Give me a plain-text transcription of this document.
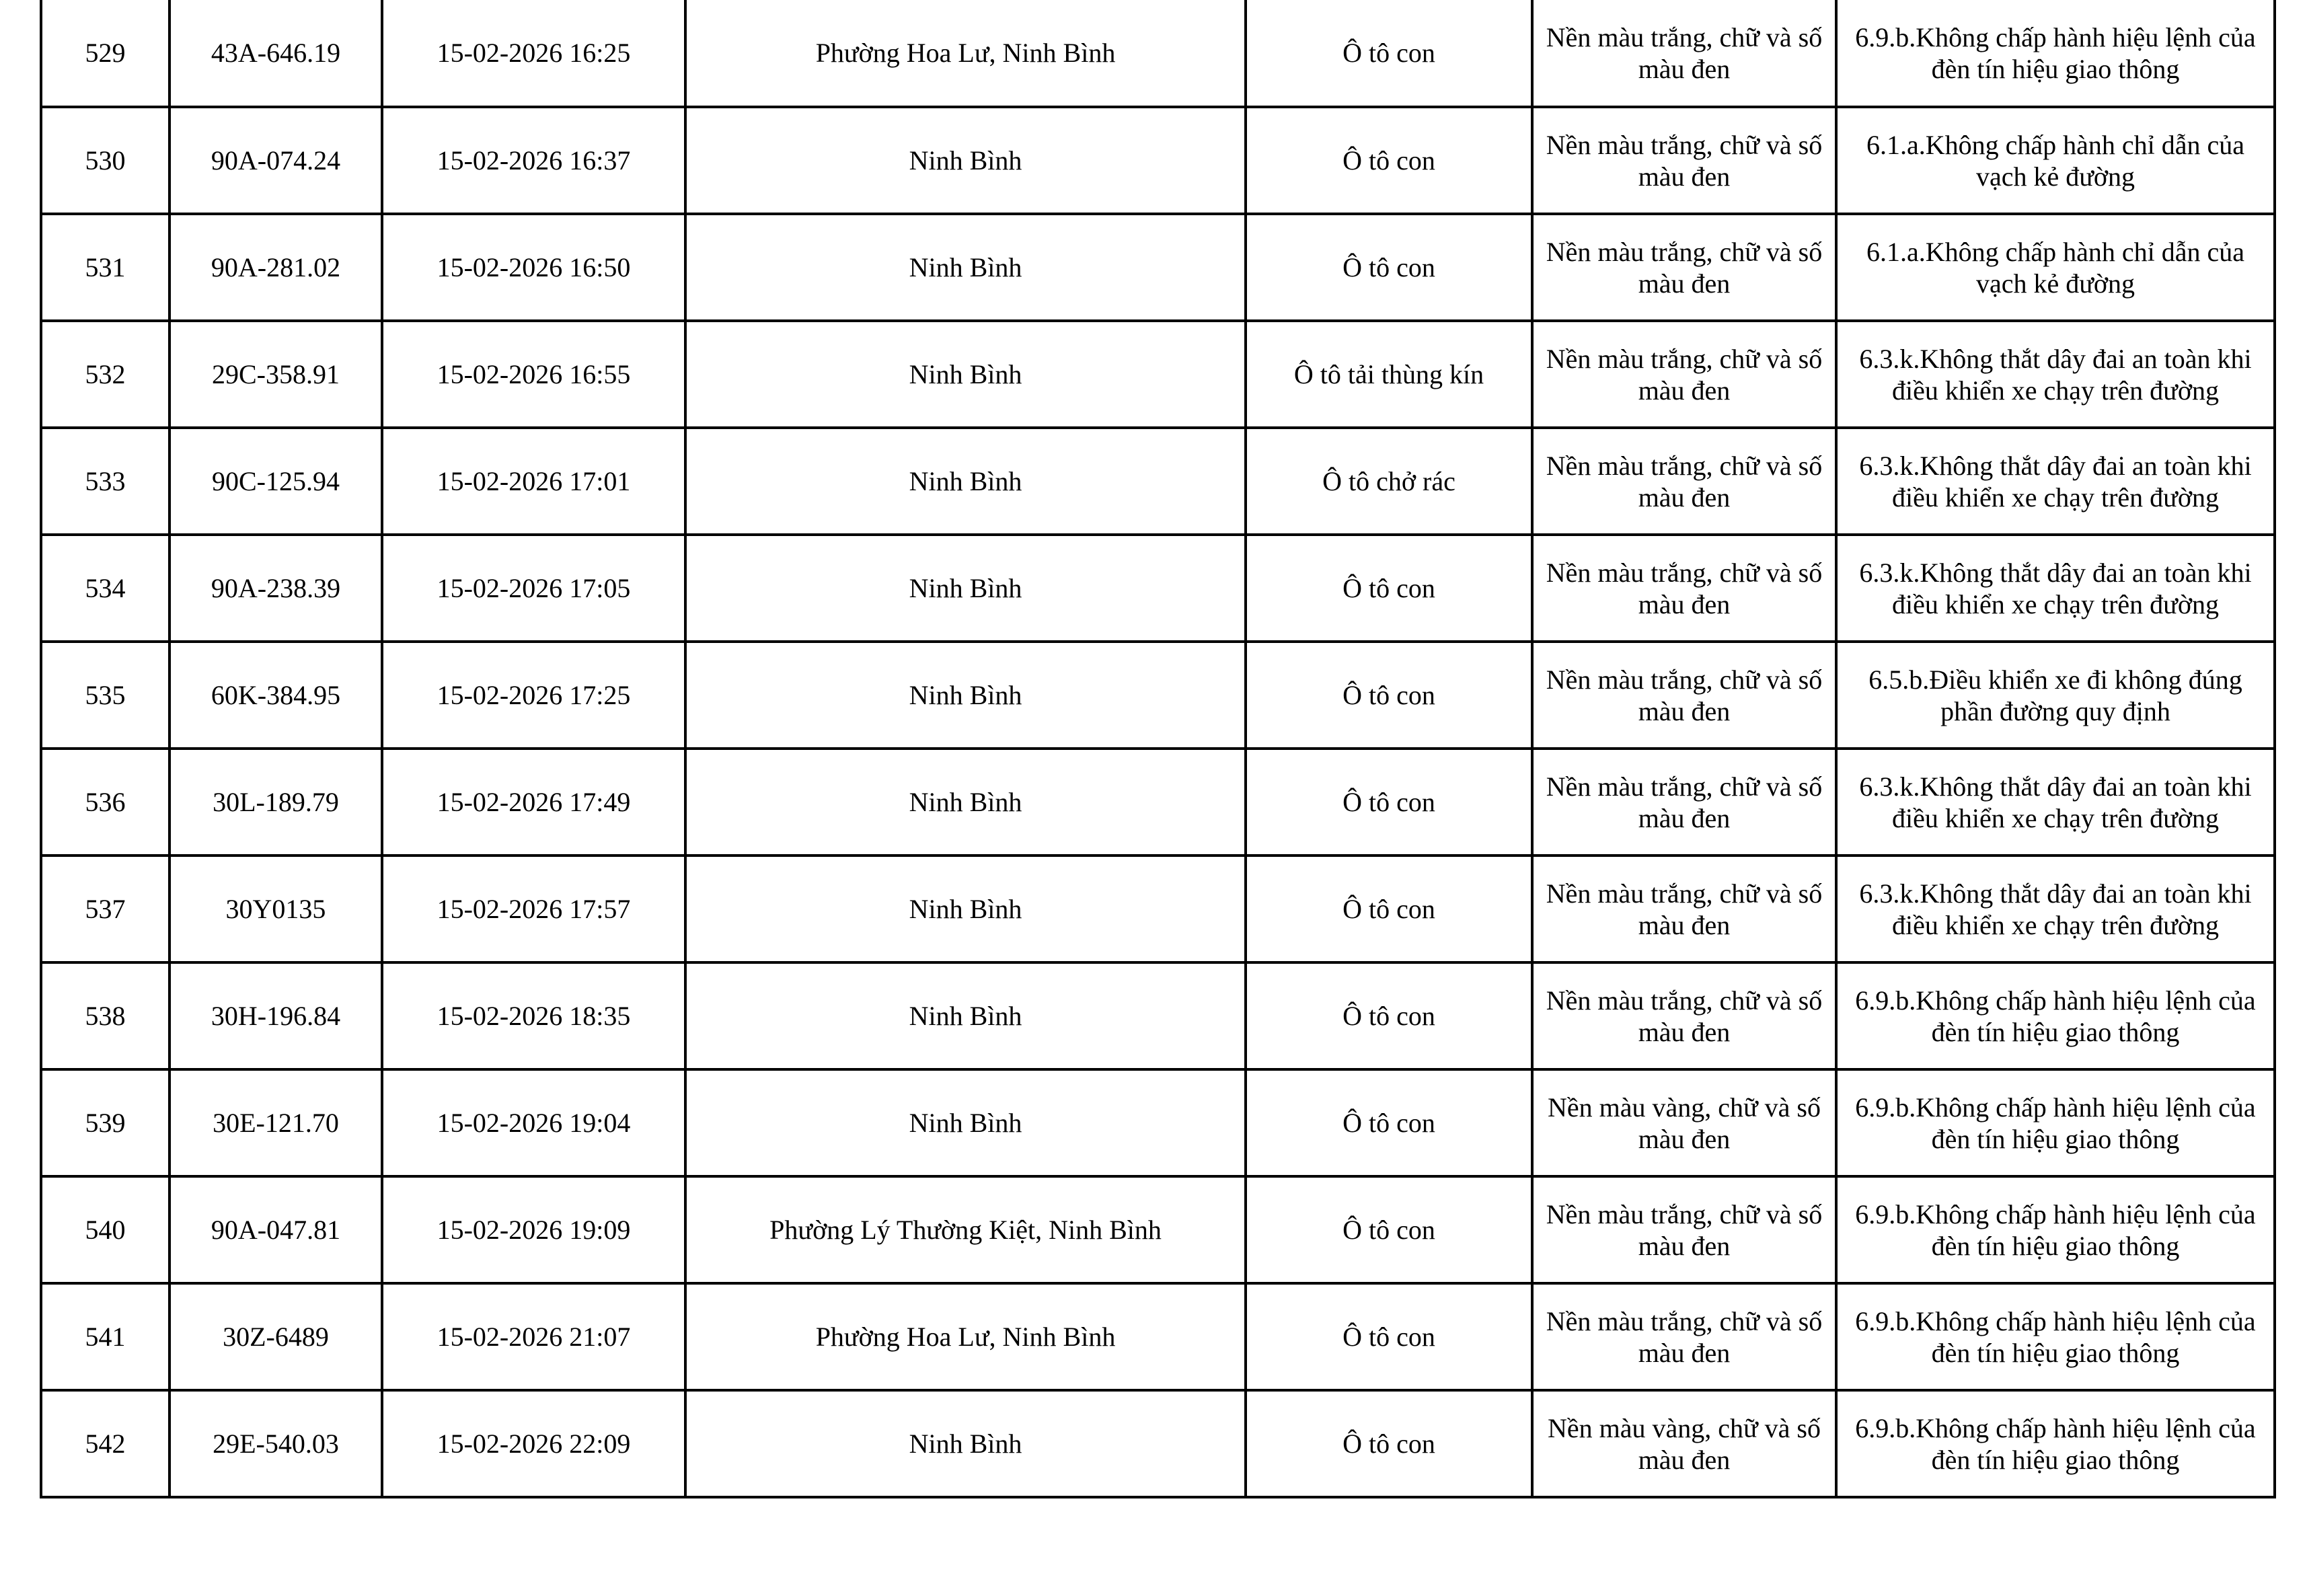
529	43A-646.19	15-02-2026 16:25	Phường Hoa Lư, Ninh Bình	Ô tô con	Nền màu trắng, chữ và số màu đen	6.9.b.Không chấp hành hiệu lệnh của đèn tín hiệu giao thông
530	90A-074.24	15-02-2026 16:37	Ninh Bình	Ô tô con	Nền màu trắng, chữ và số màu đen	6.1.a.Không chấp hành chỉ dẫn của vạch kẻ đường
531	90A-281.02	15-02-2026 16:50	Ninh Bình	Ô tô con	Nền màu trắng, chữ và số màu đen	6.1.a.Không chấp hành chỉ dẫn của vạch kẻ đường
532	29C-358.91	15-02-2026 16:55	Ninh Bình	Ô tô tải thùng kín	Nền màu trắng, chữ và số màu đen	6.3.k.Không thắt dây đai an toàn khi điều khiển xe chạy trên đường
533	90C-125.94	15-02-2026 17:01	Ninh Bình	Ô tô chở rác	Nền màu trắng, chữ và số màu đen	6.3.k.Không thắt dây đai an toàn khi điều khiển xe chạy trên đường
534	90A-238.39	15-02-2026 17:05	Ninh Bình	Ô tô con	Nền màu trắng, chữ và số màu đen	6.3.k.Không thắt dây đai an toàn khi điều khiển xe chạy trên đường
535	60K-384.95	15-02-2026 17:25	Ninh Bình	Ô tô con	Nền màu trắng, chữ và số màu đen	6.5.b.Điều khiển xe đi không đúng phần đường quy định
536	30L-189.79	15-02-2026 17:49	Ninh Bình	Ô tô con	Nền màu trắng, chữ và số màu đen	6.3.k.Không thắt dây đai an toàn khi điều khiển xe chạy trên đường
537	30Y0135	15-02-2026 17:57	Ninh Bình	Ô tô con	Nền màu trắng, chữ và số màu đen	6.3.k.Không thắt dây đai an toàn khi điều khiển xe chạy trên đường
538	30H-196.84	15-02-2026 18:35	Ninh Bình	Ô tô con	Nền màu trắng, chữ và số màu đen	6.9.b.Không chấp hành hiệu lệnh của đèn tín hiệu giao thông
539	30E-121.70	15-02-2026 19:04	Ninh Bình	Ô tô con	Nền màu vàng, chữ và số màu đen	6.9.b.Không chấp hành hiệu lệnh của đèn tín hiệu giao thông
540	90A-047.81	15-02-2026 19:09	Phường Lý Thường Kiệt, Ninh Bình	Ô tô con	Nền màu trắng, chữ và số màu đen	6.9.b.Không chấp hành hiệu lệnh của đèn tín hiệu giao thông
541	30Z-6489	15-02-2026 21:07	Phường Hoa Lư, Ninh Bình	Ô tô con	Nền màu trắng, chữ và số màu đen	6.9.b.Không chấp hành hiệu lệnh của đèn tín hiệu giao thông
542	29E-540.03	15-02-2026 22:09	Ninh Bình	Ô tô con	Nền màu vàng, chữ và số màu đen	6.9.b.Không chấp hành hiệu lệnh của đèn tín hiệu giao thông
